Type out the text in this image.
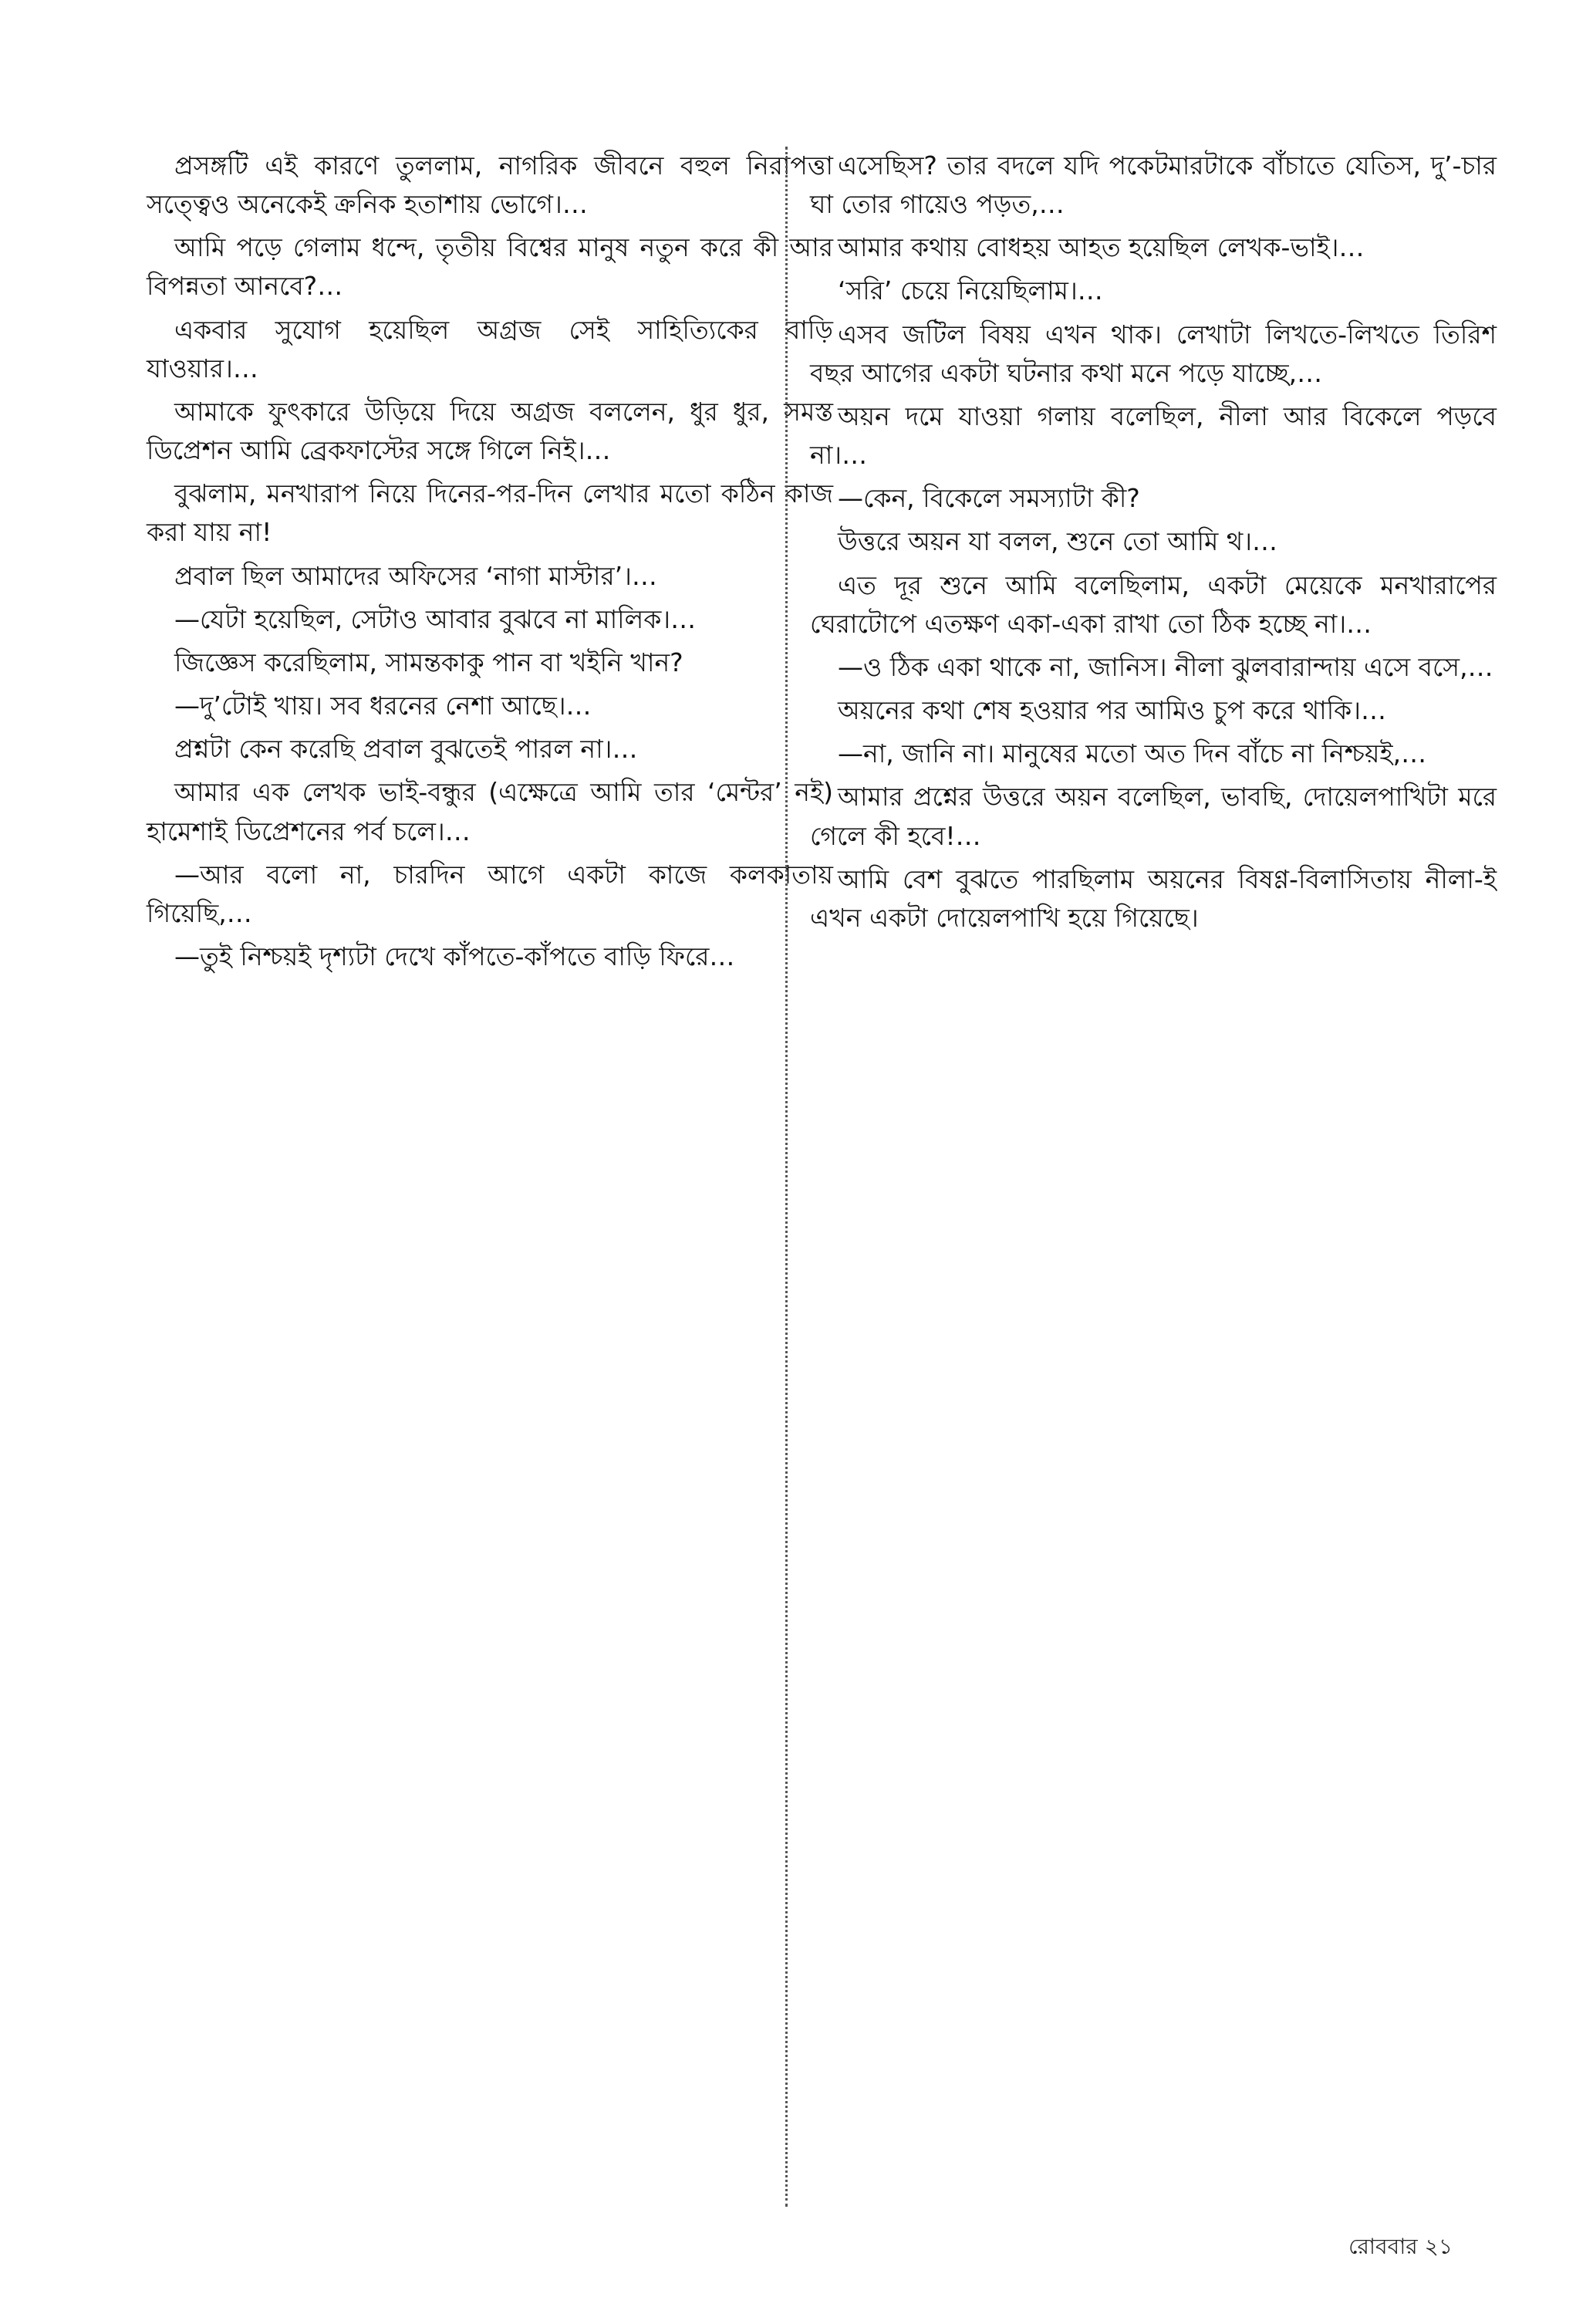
প্রসঙ্গটি এই কারণে তুললাম, নাগরিক জীবনে বহুল নিরাপত্তা সত্ত্বেও অনেকেই ক্রনিক হতাশায় ভোগে।…

আমি পড়ে গেলাম ধন্দে, তৃতীয় বিশ্বের মানুষ নতুন করে কী আর বিপন্নতা আনবে?…

একবার সুযোগ হয়েছিল অগ্রজ সেই সাহিত্যিকের বাড়ি যাওয়ার।…

আমাকে ফুৎকারে উড়িয়ে দিয়ে অগ্রজ বললেন, ধুর ধুর, সমস্ত ডিপ্রেশন আমি ব্রেকফাস্টের সঙ্গে গিলে নিই।…

বুঝলাম, মনখারাপ নিয়ে দিনের-পর-দিন লেখার মতো কঠিন কাজ করা যায় না!

প্রবাল ছিল আমাদের অফিসের ‘নাগা মাস্টার’।…

—যেটা হয়েছিল, সেটাও আবার বুঝবে না মালিক।…

জিজ্ঞেস করেছিলাম, সামন্তকাকু পান বা খইনি খান?

—দু’টোই খায়। সব ধরনের নেশা আছে।…

প্রশ্নটা কেন করেছি প্রবাল বুঝতেই পারল না।…

আমার এক লেখক ভাই-বন্ধুর (এক্ষেত্রে আমি তার ‘মেন্টর’ নই) হামেশাই ডিপ্রেশনের পর্ব চলে।…

—আর বলো না, চারদিন আগে একটা কাজে কলকাতায় গিয়েছি,…

—তুই নিশ্চয়ই দৃশ্যটা দেখে কাঁপতে-কাঁপতে বাড়ি ফিরে…

এসেছিস? তার বদলে যদি পকেটমারটাকে বাঁচাতে যেতিস, দু’-চার ঘা তোর গায়েও পড়ত,…

আমার কথায় বোধহয় আহত হয়েছিল লেখক-ভাই।…

‘সরি’ চেয়ে নিয়েছিলাম।…

এসব জটিল বিষয় এখন থাক। লেখাটা লিখতে-লিখতে তিরিশ বছর আগের একটা ঘটনার কথা মনে পড়ে যাচ্ছে,…

অয়ন দমে যাওয়া গলায় বলেছিল, নীলা আর বিকেলে পড়বে না।…

—কেন, বিকেলে সমস্যাটা কী?

উত্তরে অয়ন যা বলল, শুনে তো আমি থ।…

এত দূর শুনে আমি বলেছিলাম, একটা মেয়েকে মনখারাপের ঘেরাটোপে এতক্ষণ একা-একা রাখা তো ঠিক হচ্ছে না।…

—ও ঠিক একা থাকে না, জানিস। নীলা ঝুলবারান্দায় এসে বসে,…

অয়নের কথা শেষ হওয়ার পর আমিও চুপ করে থাকি।…

—না, জানি না। মানুষের মতো অত দিন বাঁচে না নিশ্চয়ই,…

আমার প্রশ্নের উত্তরে অয়ন বলেছিল, ভাবছি, দোয়েলপাখিটা মরে গেলে কী হবে!…

আমি বেশ বুঝতে পারছিলাম অয়নের বিষণ্ণ-বিলাসিতায় নীলা-ই এখন একটা দোয়েলপাখি হয়ে গিয়েছে।

রোববার ২১
